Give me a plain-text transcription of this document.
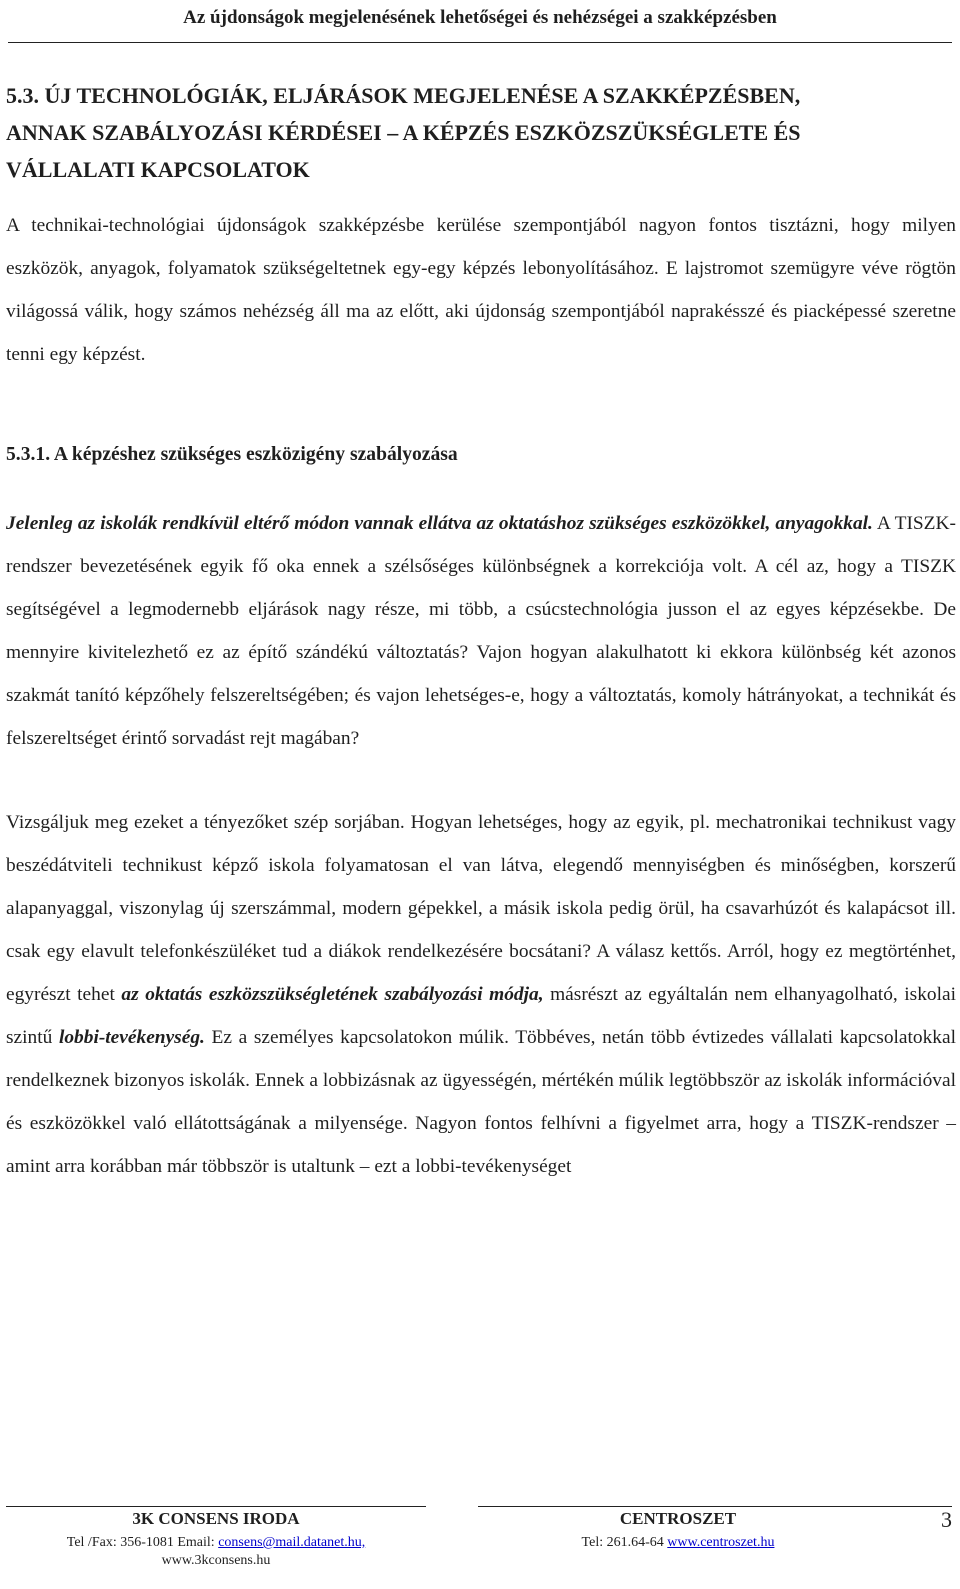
Az újdonságok megjelenésének lehetőségei és nehézségei a szakképzésben
5.3. ÚJ TECHNOLÓGIÁK, ELJÁRÁSOK MEGJELENÉSE A SZAKKÉPZÉSBEN,
ANNAK SZABÁLYOZÁSI KÉRDÉSEI – A KÉPZÉS ESZKÖZSZÜKSÉGLETE ÉS
VÁLLALATI KAPCSOLATOK

A technikai-technológiai újdonságok szakképzésbe kerülése szempontjából nagyon fontos tisztázni, hogy milyen eszközök, anyagok, folyamatok szükségeltetnek egy-egy képzés lebonyolításához. E lajstromot szemügyre véve rögtön világossá válik, hogy számos nehézség áll ma az előtt, aki újdonság szempontjából naprakésszé és piacképessé szeretne tenni egy képzést.

5.3.1. A képzéshez szükséges eszközigény szabályozása

Jelenleg az iskolák rendkívül eltérő módon vannak ellátva az oktatáshoz szükséges eszközökkel, anyagokkal. A TISZK-rendszer bevezetésének egyik fő oka ennek a szélsőséges különbségnek a korrekciója volt. A cél az, hogy a TISZK segítségével a legmodernebb eljárások nagy része, mi több, a csúcstechnológia jusson el az egyes képzésekbe. De mennyire kivitelezhető ez az építő szándékú változtatás? Vajon hogyan alakulhatott ki ekkora különbség két azonos szakmát tanító képzőhely felszereltségében; és vajon lehetséges-e, hogy a változtatás, komoly hátrányokat, a technikát és felszereltséget érintő sorvadást rejt magában?

Vizsgáljuk meg ezeket a tényezőket szép sorjában. Hogyan lehetséges, hogy az egyik, pl. mechatronikai technikust vagy beszédátviteli technikust képző iskola folyamatosan el van látva, elegendő mennyiségben és minőségben, korszerű alapanyaggal, viszonylag új szerszámmal, modern gépekkel, a másik iskola pedig örül, ha csavarhúzót és kalapácsot ill. csak egy elavult telefonkészüléket tud a diákok rendelkezésére bocsátani? A válasz kettős. Arról, hogy ez megtörténhet, egyrészt tehet az oktatás eszközszükségletének szabályozási módja, másrészt az egyáltalán nem elhanyagolható, iskolai szintű lobbi-tevékenység. Ez a személyes kapcsolatokon múlik. Többéves, netán több évtizedes vállalati kapcsolatokkal rendelkeznek bizonyos iskolák. Ennek a lobbizásnak az ügyességén, mértékén múlik legtöbbször az iskolák információval és eszközökkel való ellátottságának a milyensége. Nagyon fontos felhívni a figyelmet arra, hogy a TISZK-rendszer – amint arra korábban már többször is utaltunk – ezt a lobbi-tevékenységet

3K CONSENS IRODA
Tel /Fax: 356-1081 Email: consens@mail.datanet.hu,
www.3kconsens.hu
CENTROSZET
Tel: 261.64-64 www.centroszet.hu
3
